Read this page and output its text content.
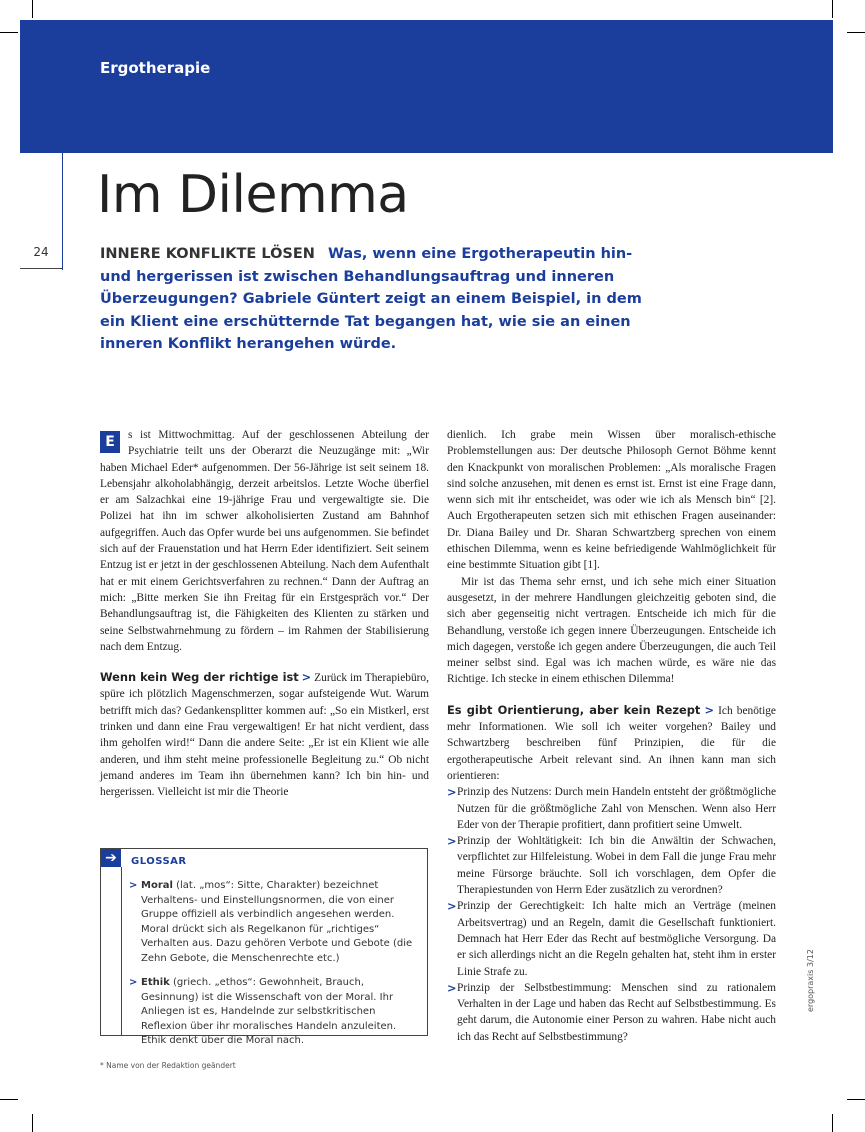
Ergotherapie
24
Im Dilemma
INNERE KONFLIKTE LÖSEN Was, wenn eine Ergotherapeutin hin- und hergerissen ist zwischen Behandlungsauftrag und inneren Überzeugungen? Gabriele Güntert zeigt an einem Beispiel, in dem ein Klient eine erschütternde Tat begangen hat, wie sie an einen inneren Konflikt herangehen würde.

E	s ist Mittwochmittag. Auf der geschlossenen Abteilung der Psychiatrie teilt uns der Oberarzt die Neuzugänge mit: „Wir haben Michael Eder* aufgenommen. Der 56-Jährige ist seit seinem 18. Lebensjahr alkoholabhängig, derzeit arbeitslos. Letzte Woche überfiel er am Salzachkai eine 19-jährige Frau und vergewaltigte sie. Die Polizei hat ihn im schwer alkoholisierten Zustand am Bahnhof aufgegriffen. Auch das Opfer wurde bei uns aufgenommen. Sie befindet sich auf der Frauenstation und hat Herrn Eder identifiziert. Seit seinem Entzug ist er jetzt in der geschlossenen Abteilung. Nach dem Aufenthalt hat er mit einem Gerichtsverfahren zu rechnen.“ Dann der Auftrag an mich: „Bitte merken Sie ihn Freitag für ein Erstgespräch vor.“ Der Behandlungsauftrag ist, die Fähigkeiten des Klienten zu stärken und seine Selbstwahrnehmung zu fördern – im Rahmen der Stabilisierung nach dem Entzug.

Wenn kein Weg der richtige ist > Zurück im Therapiebüro, spüre ich plötzlich Magenschmerzen, sogar aufsteigende Wut. Warum betrifft mich das? Gedankensplitter kommen auf: „So ein Mistkerl, erst trinken und dann eine Frau vergewaltigen! Er hat nicht verdient, dass ihm geholfen wird!“ Dann die andere Seite: „Er ist ein Klient wie alle anderen, und ihm steht meine professionelle Begleitung zu.“ Ob nicht jemand anderes im Team ihn übernehmen kann? Ich bin hin- und hergerissen. Vielleicht ist mir die Theorie

dienlich. Ich grabe mein Wissen über moralisch-ethische Problemstellungen aus: Der deutsche Philosoph Gernot Böhme kennt den Knackpunkt von moralischen Problemen: „Als moralische Fragen sind solche anzusehen, mit denen es ernst ist. Ernst ist eine Frage dann, wenn sich mit ihr entscheidet, was oder wie ich als Mensch bin“ [2]. Auch Ergotherapeuten setzen sich mit ethischen Fragen auseinander: Dr. Diana Bailey und Dr. Sharan Schwartzberg sprechen von einem ethischen Dilemma, wenn es keine befriedigende Wahlmöglichkeit für eine bestimmte Situation gibt [1].

Mir ist das Thema sehr ernst, und ich sehe mich einer Situation ausgesetzt, in der mehrere Handlungen gleichzeitig geboten sind, die sich aber gegenseitig nicht vertragen. Entscheide ich mich für die Behandlung, verstoße ich gegen innere Überzeugungen. Entscheide ich mich dagegen, verstoße ich gegen andere Überzeugungen, die auch Teil meiner selbst sind. Egal was ich machen würde, es wäre nie das Richtige. Ich stecke in einem ethischen Dilemma!

Es gibt Orientierung, aber kein Rezept > Ich benötige mehr Informationen. Wie soll ich weiter vorgehen? Bailey und Schwartzberg beschreiben fünf Prinzipien, die für die ergotherapeutische Arbeit relevant sind. An ihnen kann man sich orientieren:

> Prinzip des Nutzens: Durch mein Handeln entsteht der größtmögliche Nutzen für die größtmögliche Zahl von Menschen. Wenn also Herr Eder von der Therapie profitiert, dann profitiert seine Umwelt.
> Prinzip der Wohltätigkeit: Ich bin die Anwältin der Schwachen, verpflichtet zur Hilfeleistung. Wobei in dem Fall die junge Frau mehr meine Fürsorge bräuchte. Soll ich vorschlagen, dem Opfer die Therapiestunden von Herrn Eder zusätzlich zu verordnen?
> Prinzip der Gerechtigkeit: Ich halte mich an Verträge (meinen Arbeitsvertrag) und an Regeln, damit die Gesellschaft funktioniert. Demnach hat Herr Eder das Recht auf bestmögliche Versorgung. Da er sich allerdings nicht an die Regeln gehalten hat, steht ihm in erster Linie Strafe zu.
> Prinzip der Selbstbestimmung: Menschen sind zu rationalem Verhalten in der Lage und haben das Recht auf Selbstbestimmung. Es geht darum, die Autonomie einer Person zu wahren. Habe nicht auch ich das Recht auf Selbstbestimmung?
➔	GLOSSAR
> Moral (lat. „mos“: Sitte, Charakter) bezeichnet Verhaltens- und Einstellungsnormen, die von einer Gruppe offiziell als verbindlich angesehen werden. Moral drückt sich als Regelkanon für „richtiges“ Verhalten aus. Dazu gehören Verbote und Gebote (die Zehn Gebote, die Menschenrechte etc.)
> Ethik (griech. „ethos“: Gewohnheit, Brauch, Gesinnung) ist die Wissenschaft von der Moral. Ihr Anliegen ist es, Handelnde zur selbstkritischen Reflexion über ihr moralisches Handeln anzuleiten. Ethik denkt über die Moral nach.
* Name von der Redaktion geändert
ergopraxis 3/12
